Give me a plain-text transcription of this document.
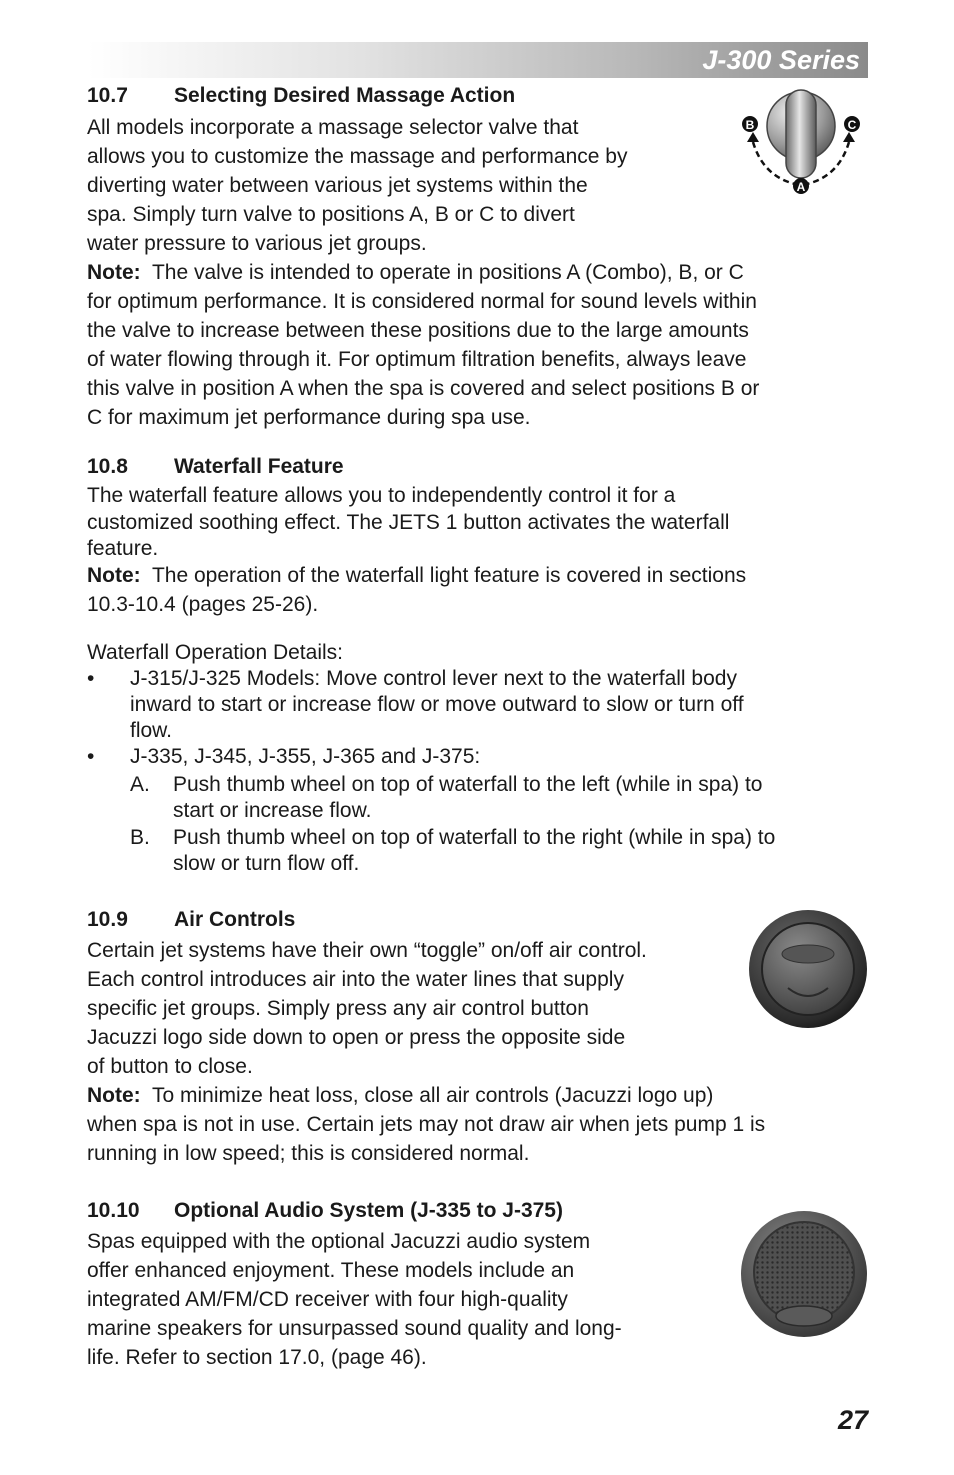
J-300 Series
10.7 Selecting Desired Massage Action
All models incorporate a massage selector valve that
allows you to customize the massage and performance by
diverting water between various jet systems within the
spa. Simply turn valve to positions A, B or C to divert
water pressure to various jet groups.
Note: The valve is intended to operate in positions A (Combo), B, or C
for optimum performance. It is considered normal for sound levels within
the valve to increase between these positions due to the large amounts
of water flowing through it. For optimum filtration benefits, always leave
this valve in position A when the spa is covered and select positions B or
C for maximum jet performance during spa use.
B	C
A
10.8 Waterfall Feature
The waterfall feature allows you to independently control it for a
customized soothing effect. The JETS 1 button activates the waterfall
feature.
Note: The operation of the waterfall light feature is covered in sections
10.3-10.4 (pages 25-26).
Waterfall Operation Details:
• J-315/J-325 Models: Move control lever next to the waterfall body
inward to start or increase flow or move outward to slow or turn off
flow.
• J-335, J-345, J-355, J-365 and J-375:
A. Push thumb wheel on top of waterfall to the left (while in spa) to
start or increase flow.
B. Push thumb wheel on top of waterfall to the right (while in spa) to
slow or turn flow off.
10.9 Air Controls
Certain jet systems have their own “toggle” on/off air control.
Each control introduces air into the water lines that supply
specific jet groups. Simply press any air control button
Jacuzzi logo side down to open or press the opposite side
of button to close.
Note: To minimize heat loss, close all air controls (Jacuzzi logo up)
when spa is not in use. Certain jets may not draw air when jets pump 1 is
running in low speed; this is considered normal.
10.10 Optional Audio System (J-335 to J-375)
Spas equipped with the optional Jacuzzi audio system
offer enhanced enjoyment. These models include an
integrated AM/FM/CD receiver with four high-quality
marine speakers for unsurpassed sound quality and long-
life. Refer to section 17.0, (page 46).
27
